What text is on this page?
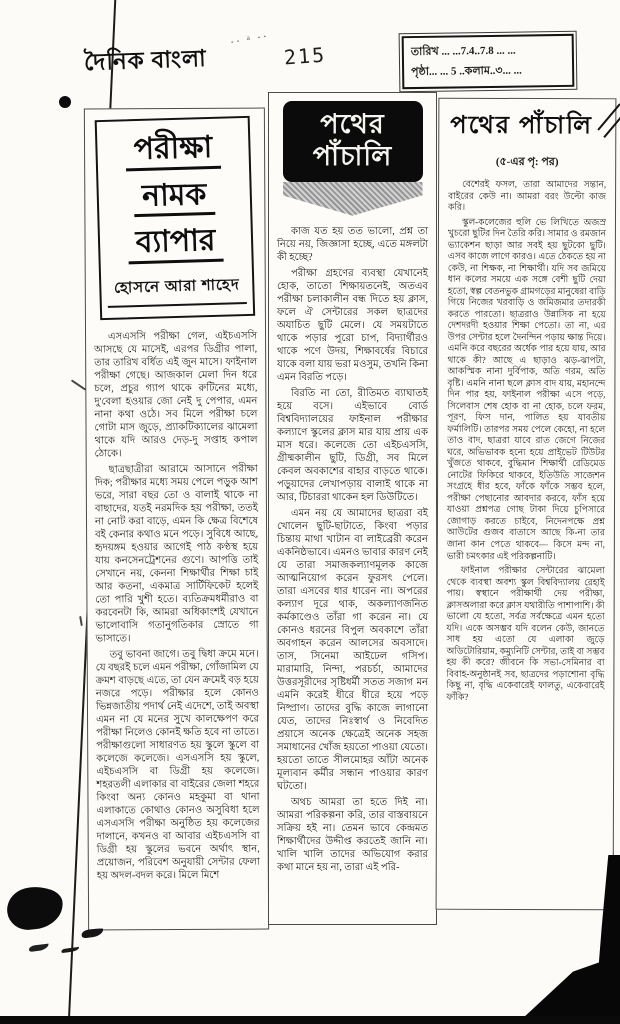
দৈনিক বাংলা
·· ᵃ ··
215	তারিখ ... ...7.4..7.8 ... ...
পৃষ্ঠা... ... 5 ..কলাম..৩... ...
পরীক্ষা
নামক
ব্যাপার
হোসনে আরা শাহেদ

এসএসসি পরীক্ষা গেল, এইচএসসি আসছে যে মাসেই, এরপর ডিগ্রীর পালা, তার তারিখ বর্ধিত এই জুন মাসে। ফাইনাল পরীক্ষা গেছে। আজকাল মেলা দিন ধরে চলে, প্রচুর গ্যাপ থাকে রুটিনের মধ্যে, দু'বেলা হওয়ার জো নেই দু পেপার, এমন নানা কথা ওঠে। সব মিলে পরীক্ষা চলে গোটা মাস জুড়ে, প্র্যাকটিক্যালের ঝামেলা থাকে যদি আরও দেড়-দু সপ্তাহ কপাল ঠোকে।

ছাত্রছাত্রীরা আরামে আসানে পরীক্ষা দিক; পরীক্ষার মধ্যে সময় পেলে পড়ুক আশ ভরে, সারা বছর তো ও বালাই থাকে না বাছাদের, যতই নরমদিক হয় পরীক্ষা, ততই না নোট করা বাড়ে, এমন কি ক্ষেত্র বিশেষে বই কেনার কথাও মনে পড়ে। সুবিধে আছে, হৃদয়ঙ্গম হওয়ার আগেই পাঠ কণ্ঠস্থ হয়ে যায় কনসেনট্রেশনের গুণে। আপত্তি তাই সেখানে নয়, কেননা শিক্ষার্থীর শিক্ষা চাই আর কতনা, একমাত্র সার্টিফিকেট হলেই তো পারি খুশী হতে। ব্যতিক্রমধর্মীরাও বা করবেনটা কি, আমরা অধিকাংশই যেখানে ভালোবাসি গতানুগতিকার স্রোতে গা ভাসাতে।

তবু ভাবনা জাগে। তবু দ্বিধা ক্রমে মনে। যে বছরই চলে এমন পরীক্ষা, গোঁজামিল যে ক্রমশ বাড়ছে এতে, তা যেন ক্রমেই বড় হয়ে নজরে পড়ে। পরীক্ষার হলে কোনও ভিন্নজাতীয় পদার্থ নেই এদেশে, তাই অবস্থা এমন না যে মনের সুখে কালক্ষেপণ করে পরীক্ষা নিলেও কোনই ক্ষতি হবে না তাতে। পরীক্ষাগুলো সাধারণত হয় স্কুলে স্কুলে বা কলেজে কলেজে। এসএসসি হয় স্কুলে, এইচএসসি বা ডিগ্রী হয় কলেজে। শহরতলী এলাকার বা বাইরের জেলা শহরে কিংবা অন্য কোনও মহকুমা বা থানা এলাকাতে কোথাও কোনও অসুবিধা হলে এসএসসি পরীক্ষা অনুষ্ঠিত হয় কলেজের দালানে, কখনও বা আবার এইচএসসি বা ডিগ্রী হয় স্কুলের ভবনে অর্থাৎ স্থান, প্রয়োজন, পরিবেশ অনুযায়ী সেন্টার ফেলা হয় অদল-বদল করে। মিলে মিশে

পথের
পাঁচালি

কাজ যত হয় তত ভালো, প্রশ্ন তা নিয়ে নয়, জিজ্ঞাসা হচ্ছে, এতে মঙ্গলটা কী হচ্ছে?

পরীক্ষা গ্রহণের ব্যবস্থা যেখানেই হোক, তাতো শিক্ষায়তনেই, অতএব পরীক্ষা চলাকালীন বন্ধ দিতে হয় ক্লাস, ফলে ঐ সেন্টারের সকল ছাত্রদের অযাচিত ছুটি মেলে। যে সময়টাতে থাকে পড়ার পুরো চাপ, বিদ্যার্থীরও থাকে পণে উদয়, শিক্ষাবর্ষের বিচারে যাকে বলা যায় ভরা মওসুম, তখনি কিনা এমন বিরতি পড়ে।

বিরতি না তো, রীতিমত ব্যাঘাতই হয়ে বসে। এইভাবে বোর্ড বিশ্ববিদ্যালয়ের ফাইনাল পরীক্ষার কল্যাণে স্কুলের ক্লাস মার যায় প্রায় এক মাস ধরে। কলেজে তো এইচএসসি, গ্রীষ্মকালীন ছুটি, ডিগ্রী, সব মিলে কেবল অবকাশের বাহার বাড়তে থাকে। পড়ুয়াদের লেখাপড়ায় বালাই থাকে না আর, টিচাররা থাকেন হল ডিউটিতে।

এমন নয় যে আমাদের ছাত্ররা বই খোলেন ছুটি-ছাটাতে, কিংবা পড়ার চিন্তায় মাথা খাটান বা লাইব্রেরী করেন একনিষ্ঠভাবে। এমনও ভাবার কারণ নেই যে তারা সমাজকল্যাণমূলক কাজে আত্মনিয়োগ করেন ফুরসৎ পেলে। তারা এসবের ধার ধারেন না। অপরের কল্যাণ দূরে থাক, অকল্যাণজনিত কর্মকাণ্ডেও তাঁরা গা করেন না। যে কোনও ধরনের বিপুল অবকাশে তাঁরা অবগাহন করেন আলসের অবসাদে। তাস, সিনেমা আইঢেল গসিপ। মারামারি, নিন্দা, পরচর্চা, আমাদের উত্তরসূরীদের সৃষ্টিধর্মী সতত সজাগ মন এমনি করেই ধীরে ধীরে হয়ে পড়ে নিষ্প্রাণ। তাদের বুদ্ধি কাজে লাগানো যেত, তাদের নিঃস্বার্থ ও নিবেদিত প্রয়াসে অনেক ক্ষেত্রেই অনেক সহজ সমাধানের খোঁজ হয়তো পাওয়া যেতো। হয়তো তাতে সীলমোহর আঁটা অনেক মূল্যবান কর্মীর সন্ধান পাওয়ার কারণ ঘটতো।

অথচ আমরা তা হতে দিই না। আমরা পরিকল্পনা করি, তার বাস্তবায়নে সক্রিয় হই না। তেমন ভাবে কেন্দ্রমত শিক্ষার্থীদের উদ্দীপ্ত করতেই জানি না। খালি খালি তাদের অভিযোগ করার কথা মানে হয় না, তারা এই পরি-

পথের পাঁচালি
(৫-এর পৃ: পর)

বেশেরই ফসল, তারা আমাদের সন্তান, বাইরের কেউ না। আমরা বরং উল্টো কাজ করি।

স্কুল-কলেজের হুলি ভে লিখিতে অজস্র খুচরো ছুটির দিন তৈরি করি। সামার ও রমজান ভ্যাকেশন ছাড়া আর সবই হয় ছুটকো ছুটি। এসব কাজে লাগে কারও। এতে ঠেকতে হয় না কেউ, না শিক্ষক, না শিক্ষার্থী। যদি সব জমিয়ে ধান কলের সময়ে এক সঙ্গে বেশী ছুটি দেয়া হতো, স্বল্প বেতনভুক গ্রামগড়ের মানুষেরা বাড়ি গিয়ে নিজের খরবাড়ি ও জমিজমার তদারকী করতে পারতো। ছাত্ররাও উন্নাসিক না হয়ে দেশদরদী হওয়ার শিক্ষা পেতো। তা না, এর উপর সেন্টার হলে দৈনন্দিন পড়ায় ক্ষান্ত দিয়ে। এমনি করে বছরের অর্ধেক পার হয়ে যায়, আর থাকে কী? আছে এ ছাড়াও ঝড়-ঝাপটা, আকস্মিক নানা দুর্বিপাক, অতি গরম, অতি বৃষ্টি। এমনি নানা ছলে ক্লাস বাদ যায়, মহানন্দে দিন পার হয়, ফাইনাল পরীক্ষা এসে পড়ে, সিলেবাস শেষ হোক বা না হোক, চলে ফরম, পূরণ, ফিস দান, পালিত হয় যাবতীয় ফর্মালিটি। তারপর সময় পেলে কেহো, না হলে তাও বাদ, ছাত্ররা যাবে রাত জেগে নিজের ঘরে, অভিভাবক হন্যে হয়ে প্রাইভেট টিউটর খুঁজতে থাকবে, বুদ্ধিমান শিক্ষার্থী রেডিমেড নোটের ফিকিরে থাকবে, ইতিউতি সাজেশন সংগ্রহে ধীর হবে, ফাঁকে ফাঁকে সম্ভব হলে, পরীক্ষা পেছানোর আবদার করবে, ফাঁস হয়ে যাওয়া প্রশ্নপত্র গোছ টাকা দিয়ে চুপিসারে জোগাড় করতে চাইবে, নিদেনপক্ষে প্রশ্ন আউটের গুজব বাতাসে আছে কি-না তার জানা কান পেতে থাকবে— কিসে মন্দ না, ভারী চমৎকার এই পরিকল্পনাটি।

ফাইনাল পরীক্ষার সেন্টারের ঝামেলা থেকে ব্যবস্থা অবশ্য স্কুল বিশ্ববিদ্যালয় রেহাই পায়। স্বস্থানে পরীক্ষার্থী দেয় পরীক্ষা, ক্লাসঅলারা করে ক্লাস যথারীতি পাশাপাশি। কী ভালো যে হতো, সর্বত্র সর্বক্ষেত্রে এমন হতো যদি। একে অসম্ভব যদি বলেন কেউ, জানতে সাধ হয় এতো যে এলাকা জুড়ে অডিটোরিয়াম, কম্যুনিটি সেন্টার, তাই বা সম্ভব হয় কী করে? জীবনে কি সভা-সেমিনার বা বিবাহ-অনুষ্ঠানই সব, ছাত্রদের পড়াশোনা বৃদ্ধি কিছু না, বৃদ্ধি একেবারেই ফালতু, একেবারেই ফাঁকি?
